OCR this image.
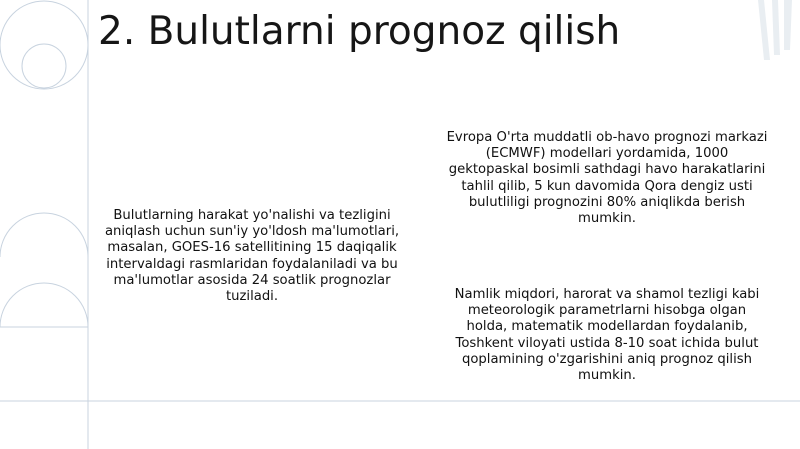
2. Bulutlarni prognoz qilish
Bulutlarning harakat yo'nalishi va tezligini aniqlash uchun sun'iy yo'ldosh ma'lumotlari, masalan, GOES-16 satellitining 15 daqiqalik intervaldagi rasmlaridan foydalaniladi va bu ma'lumotlar asosida 24 soatlik prognozlar tuziladi.
Evropa O'rta muddatli ob-havo prognozi markazi (ECMWF) modellari yordamida, 1000 gektopaskal bosimli sathdagi havo harakatlarini tahlil qilib, 5 kun davomida Qora dengiz usti bulutliligi prognozini 80% aniqlikda berish mumkin.
Namlik miqdori, harorat va shamol tezligi kabi meteorologik parametrlarni hisobga olgan holda, matematik modellardan foydalanib, Toshkent viloyati ustida 8-10 soat ichida bulut qoplamining o'zgarishini aniq prognoz qilish mumkin.
